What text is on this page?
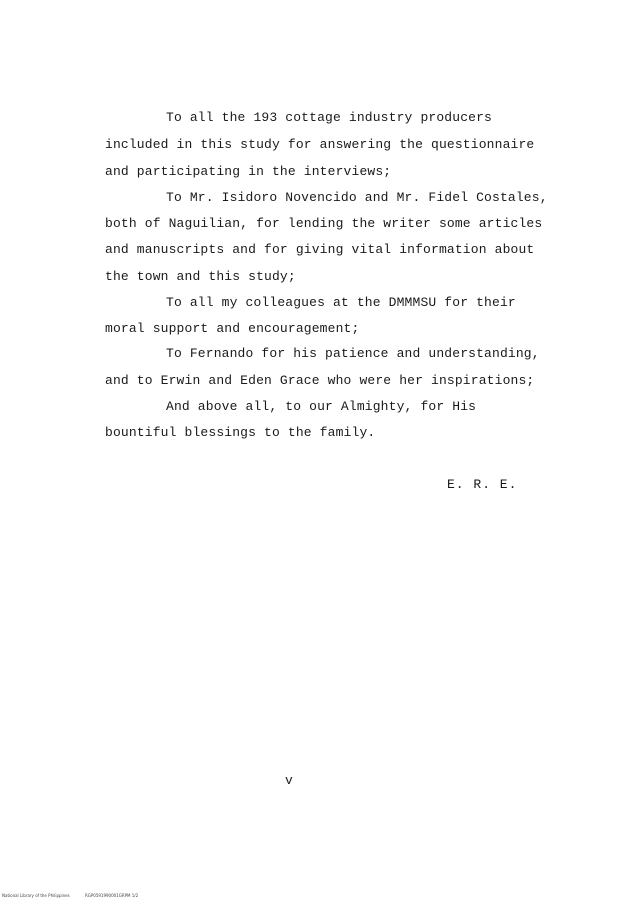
To all the 193 cottage industry producers
included in this study for answering the questionnaire
and participating in the interviews;
To Mr. Isidoro Novencido and Mr. Fidel Costales,
both of Naguilian, for lending the writer some articles
and manuscripts and for giving vital information about
the town and this study;
To all my colleagues at the DMMMSU for their
moral support and encouragement;
To Fernando for his patience and understanding,
and to Erwin and Eden Grace who were her inspirations;
And above all, to our Almighty, for His
bountiful blessings to the family.
E. R. E.
v
National Library of the Philippines	RGP0591990001GRPM 1/2
